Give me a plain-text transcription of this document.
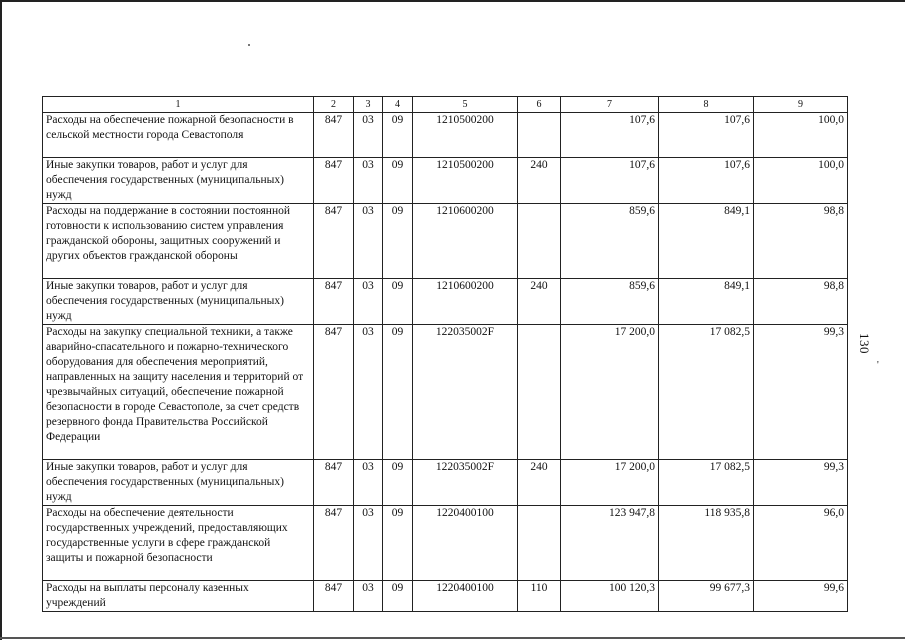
1	2	3	4	5	6	7	8	9
Расходы на обеспечение пожарной безопасности в сельской местности города Севастополя	847	03	09	1210500200		107,6	107,6	100,0
Иные закупки товаров, работ и услуг для обеспечения государственных (муниципальных) нужд	847	03	09	1210500200	240	107,6	107,6	100,0
Расходы на поддержание в состоянии постоянной готовности к использованию систем управления гражданской обороны, защитных сооружений и других объектов гражданской обороны	847	03	09	1210600200		859,6	849,1	98,8
Иные закупки товаров, работ и услуг для обеспечения государственных (муниципальных) нужд	847	03	09	1210600200	240	859,6	849,1	98,8
Расходы на закупку специальной техники, а также аварийно-спасательного и пожарно-технического оборудования для обеспечения мероприятий, направленных на защиту населения и территорий от чрезвычайных ситуаций, обеспечение пожарной безопасности в городе Севастополе, за счет средств резервного фонда Правительства Российской Федерации	847	03	09	122035002F		17 200,0	17 082,5	99,3
Иные закупки товаров, работ и услуг для обеспечения государственных (муниципальных) нужд	847	03	09	122035002F	240	17 200,0	17 082,5	99,3
Расходы на обеспечение деятельности государственных учреждений, предоставляющих государственные услуги в сфере гражданской защиты и пожарной безопасности	847	03	09	1220400100		123 947,8	118 935,8	96,0
Расходы на выплаты персоналу казенных учреждений	847	03	09	1220400100	110	100 120,3	99 677,3	99,6
130
'
